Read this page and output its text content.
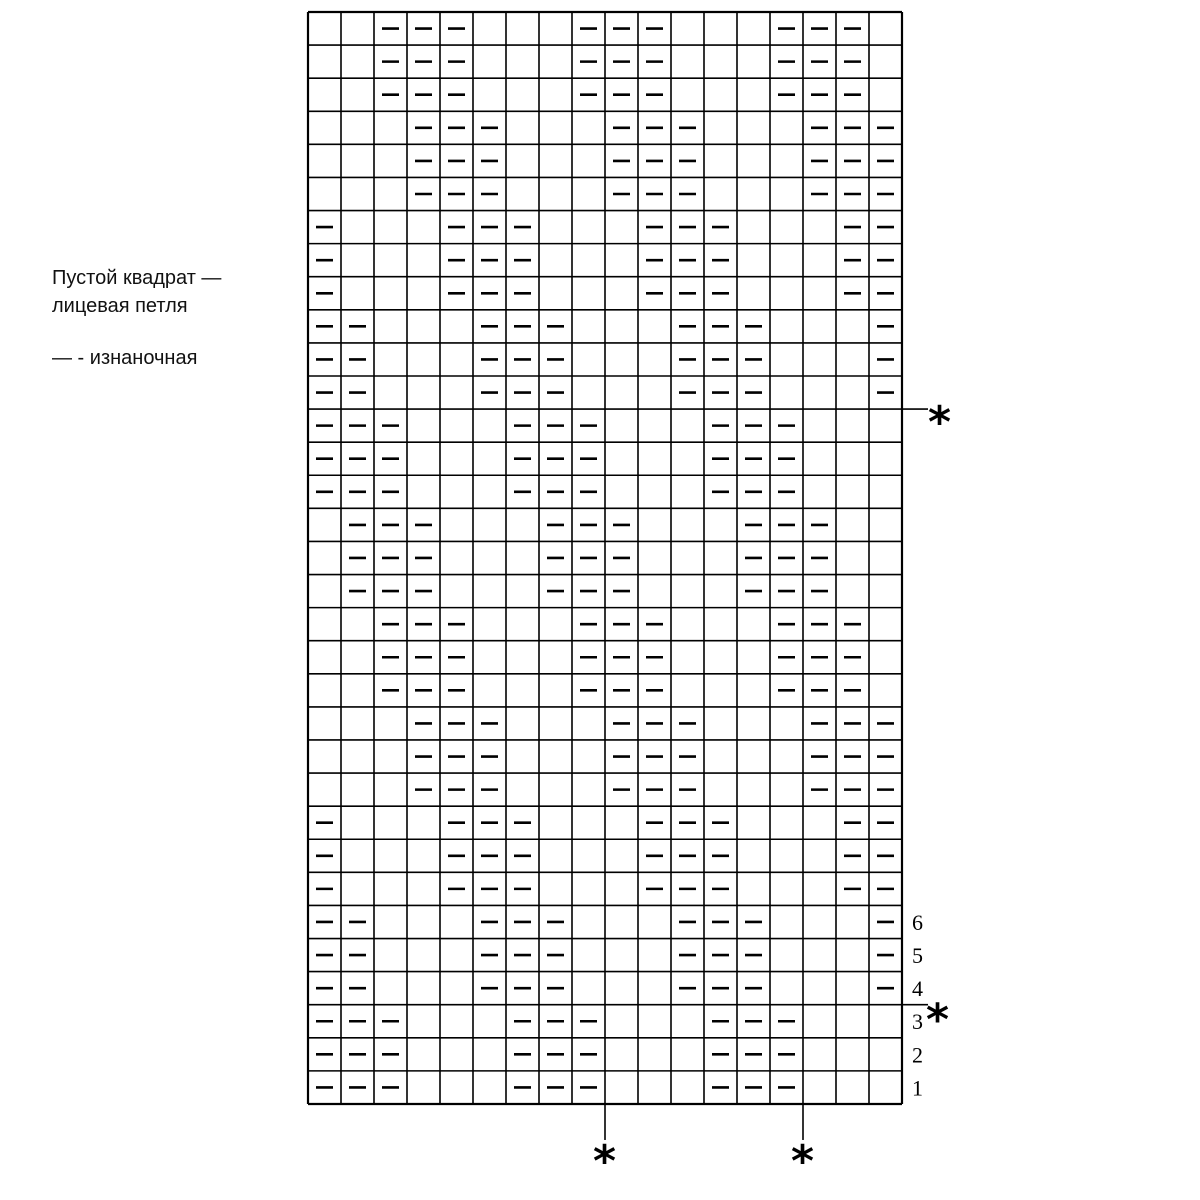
Пустой квадрат —
лицевая петля
— - изнаночная
1
2
3
4
5
6
*
*
*	*
